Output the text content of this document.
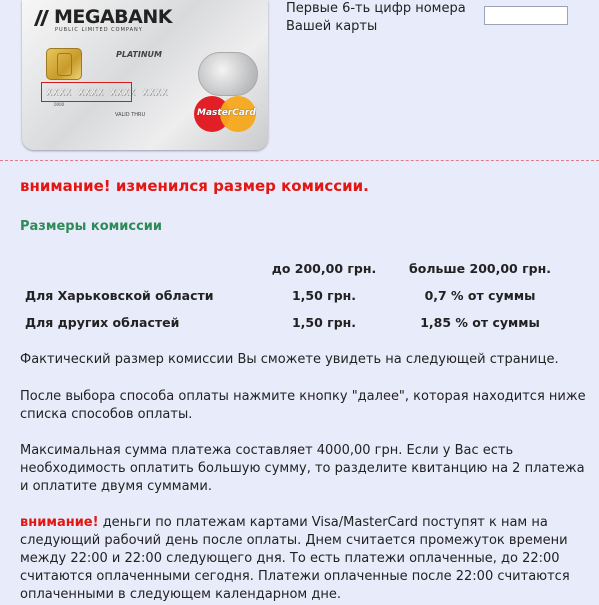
MEGABANK
PUBLIC LIMITED COMPANY
PLATINUM
XXXX XXXX XXXX XXXX
0000
VALID THRU	MasterCard
Первые 6-ть цифр номера
Вашей карты
внимание! изменился размер комиссии.
Размеры комиссии
	до 200,00 грн.	больше 200,00 грн.
Для Харьковской области	1,50 грн.	0,7 % от суммы
Для других областей	1,50 грн.	1,85 % от суммы

Фактический размер комиссии Вы сможете увидеть на следующей странице.

После выбора способа оплаты нажмите кнопку "далее", которая находится ниже списка способов оплаты.

Максимальная сумма платежа составляет 4000,00 грн. Если у Вас есть необходимость оплатить большую сумму, то разделите квитанцию на 2 платежа и оплатите двумя суммами.

внимание! деньги по платежам картами Visa/MasterCard поступят к нам на следующий рабочий день после оплаты. Днем считается промежуток времени между 22:00 и 22:00 следующего дня. То есть платежи оплаченные, до 22:00 считаются оплаченными сегодня. Платежи оплаченные после 22:00 считаются оплаченными в следующем календарном дне.
